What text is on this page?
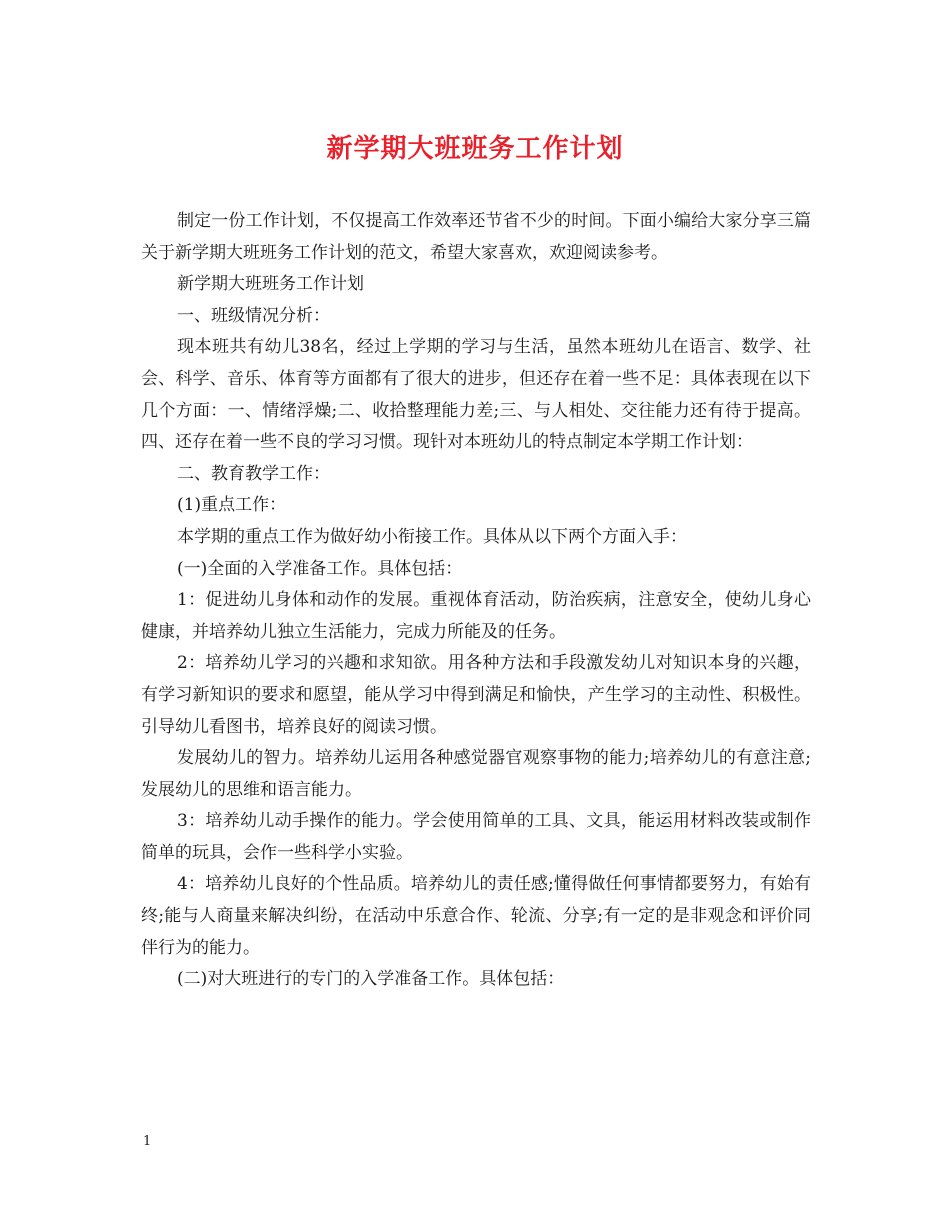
新学期大班班务工作计划

制定一份工作计划，不仅提高工作效率还节省不少的时间。下面小编给大家分享三篇关于新学期大班班务工作计划的范文，希望大家喜欢，欢迎阅读参考。

新学期大班班务工作计划

一、班级情况分析：

现本班共有幼儿38名，经过上学期的学习与生活，虽然本班幼儿在语言、数学、社会、科学、音乐、体育等方面都有了很大的进步，但还存在着一些不足：具体表现在以下几个方面：一、情绪浮燥;二、收拾整理能力差;三、与人相处、交往能力还有待于提高。四、还存在着一些不良的学习习惯。现针对本班幼儿的特点制定本学期工作计划：

二、教育教学工作：

(1)重点工作：

本学期的重点工作为做好幼小衔接工作。具体从以下两个方面入手：

(一)全面的入学准备工作。具体包括：

1：促进幼儿身体和动作的发展。重视体育活动，防治疾病，注意安全，使幼儿身心健康，并培养幼儿独立生活能力，完成力所能及的任务。

2：培养幼儿学习的兴趣和求知欲。用各种方法和手段激发幼儿对知识本身的兴趣，有学习新知识的要求和愿望，能从学习中得到满足和愉快，产生学习的主动性、积极性。引导幼儿看图书，培养良好的阅读习惯。

发展幼儿的智力。培养幼儿运用各种感觉器官观察事物的能力;培养幼儿的有意注意;发展幼儿的思维和语言能力。

3：培养幼儿动手操作的能力。学会使用简单的工具、文具，能运用材料改装或制作简单的玩具，会作一些科学小实验。

4：培养幼儿良好的个性品质。培养幼儿的责任感;懂得做任何事情都要努力，有始有终;能与人商量来解决纠纷，在活动中乐意合作、轮流、分享;有一定的是非观念和评价同伴行为的能力。

(二)对大班进行的专门的入学准备工作。具体包括：

1
